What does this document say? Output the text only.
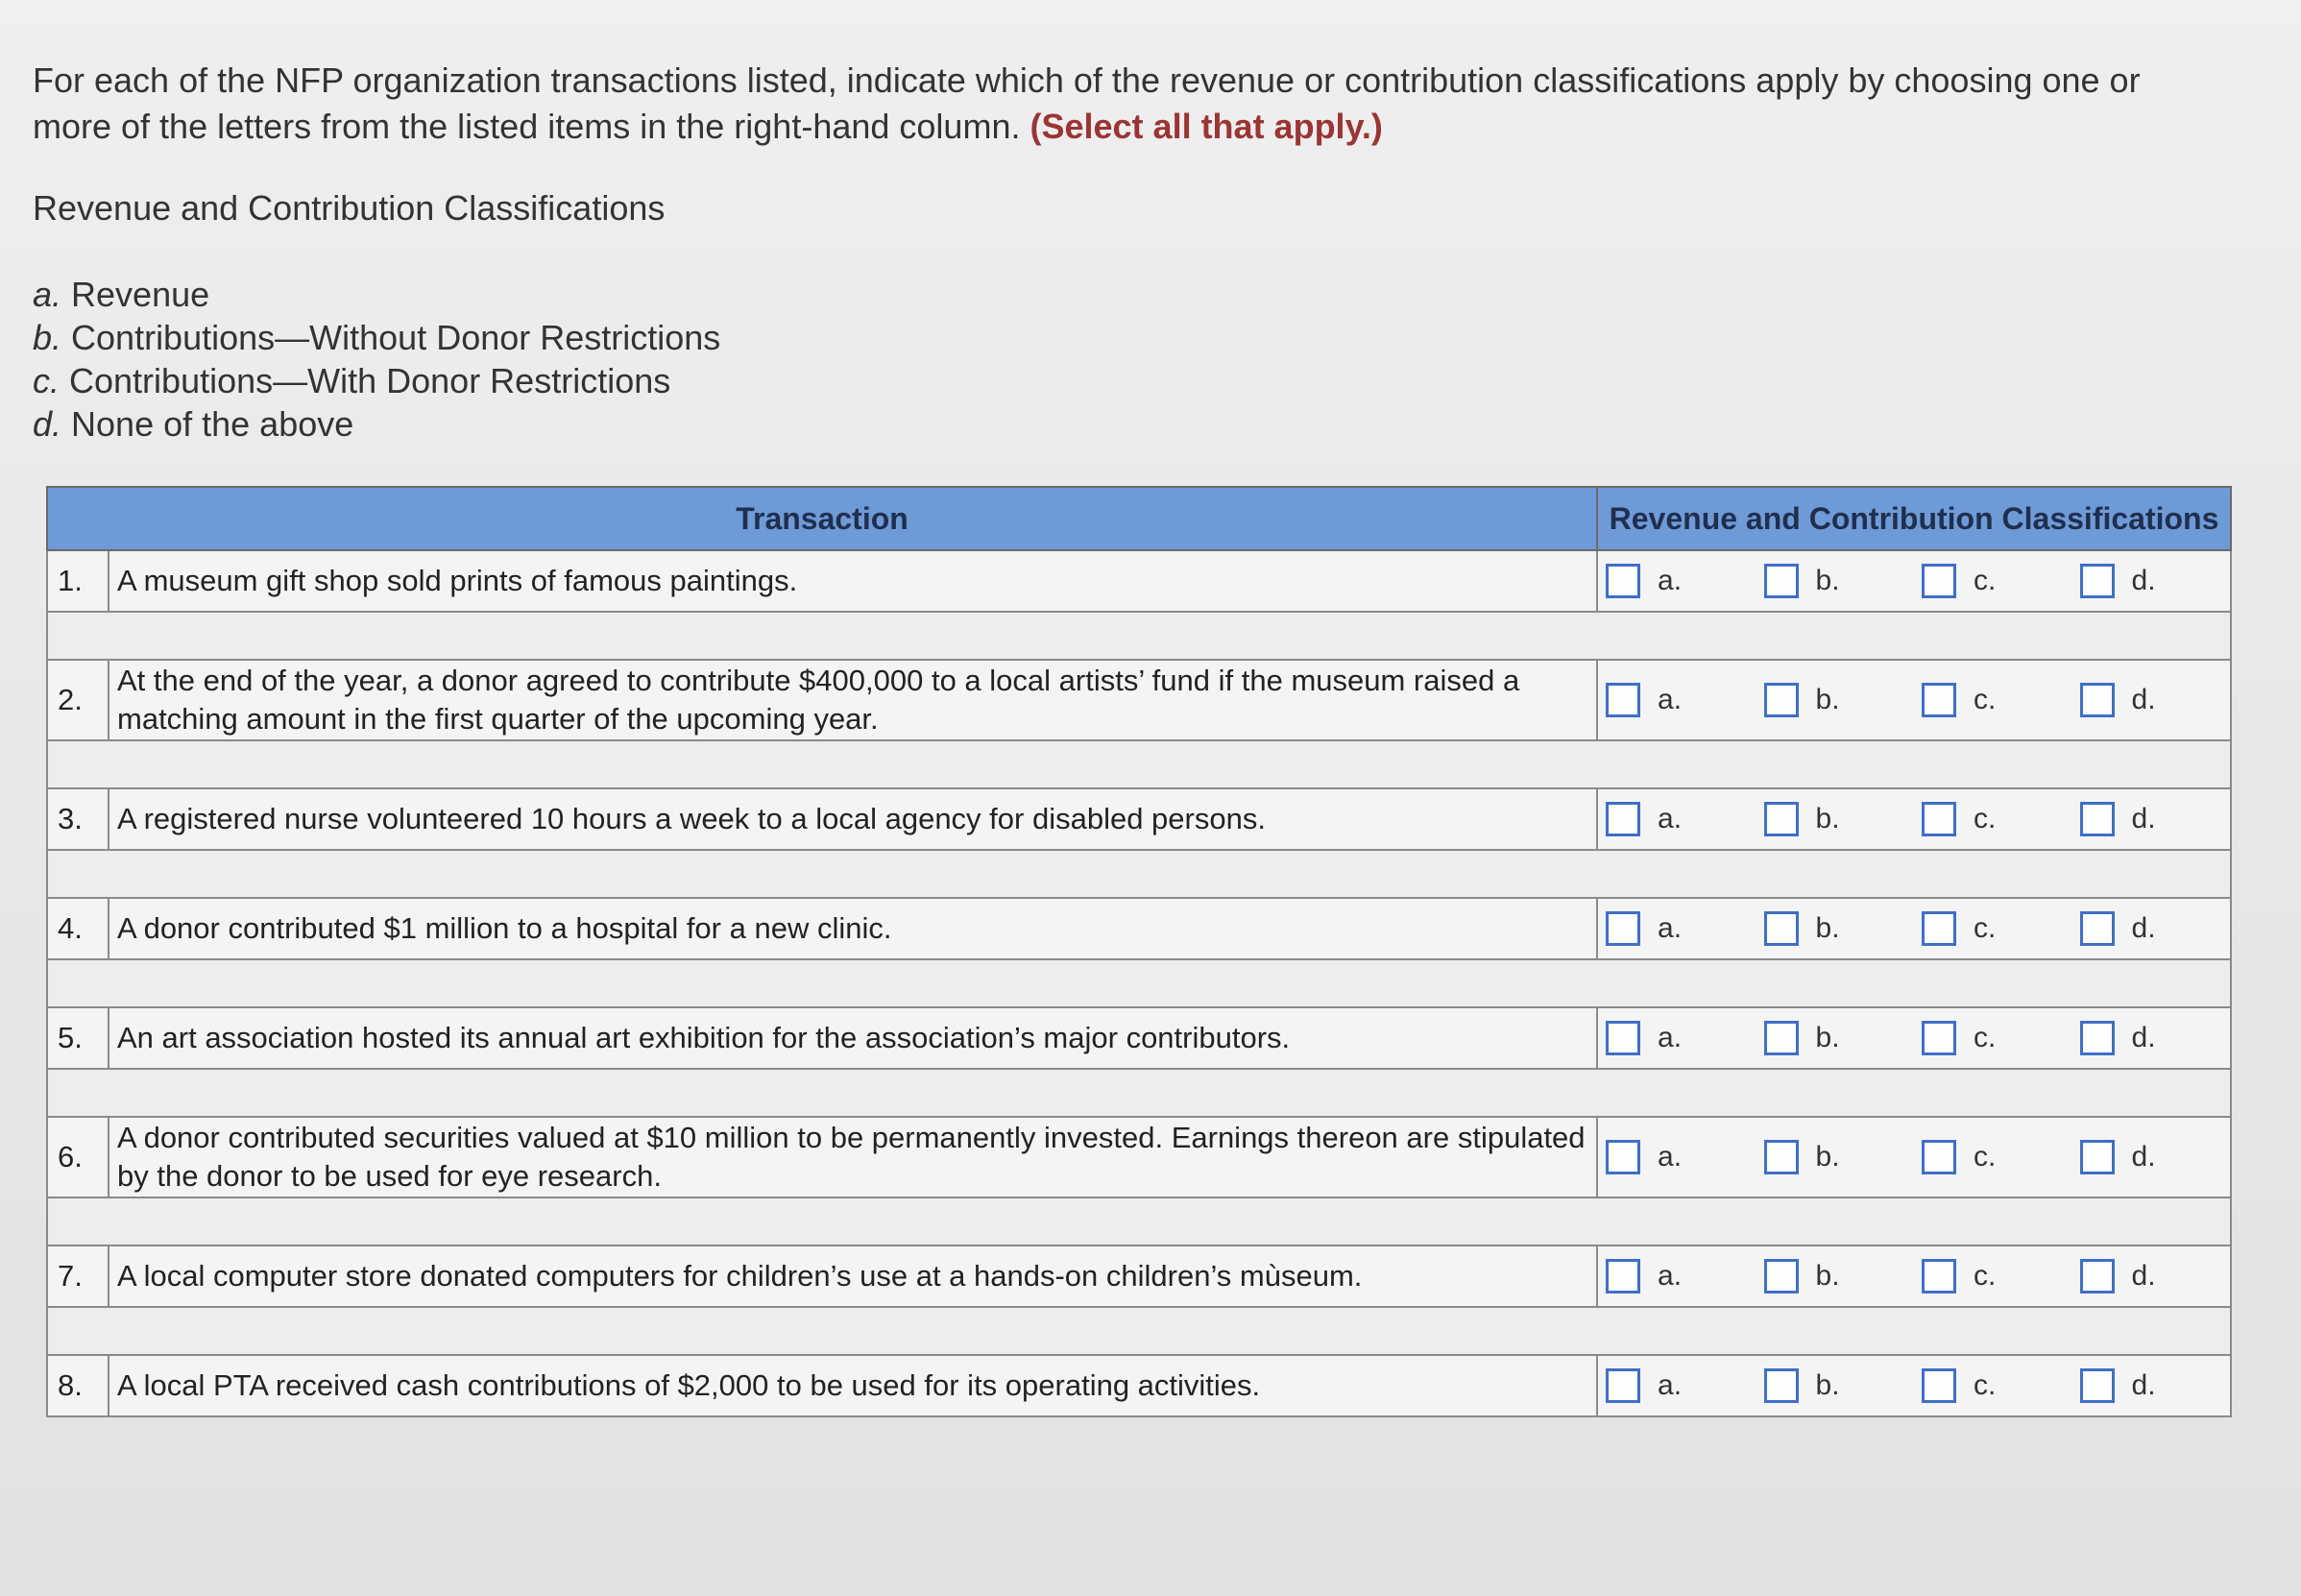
For each of the NFP organization transactions listed, indicate which of the revenue or contribution classifications apply by choosing one or more of the letters from the listed items in the right-hand column. (Select all that apply.)
Revenue and Contribution Classifications
a. Revenue
b. Contributions—Without Donor Restrictions
c. Contributions—With Donor Restrictions
d. None of the above
Transaction		Revenue and Contribution Classifications
1.	A museum gift shop sold prints of famous paintings.	a. b. c. d.

2.	At the end of the year, a donor agreed to contribute $400,000 to a local artists’ fund if the museum raised a matching amount in the first quarter of the upcoming year.	a. b. c. d.

3.	A registered nurse volunteered 10 hours a week to a local agency for disabled persons.	a. b. c. d.

4.	A donor contributed $1 million to a hospital for a new clinic.	a. b. c. d.

5.	An art association hosted its annual art exhibition for the association’s major contributors.	a. b. c. d.

6.	A donor contributed securities valued at $10 million to be permanently invested. Earnings thereon are stipulated by the donor to be used for eye research.	a. b. c. d.

7.	A local computer store donated computers for children’s use at a hands-on children’s mùseum.	a. b. c. d.

8.	A local PTA received cash contributions of $2,000 to be used for its operating activities.	a. b. c. d.
